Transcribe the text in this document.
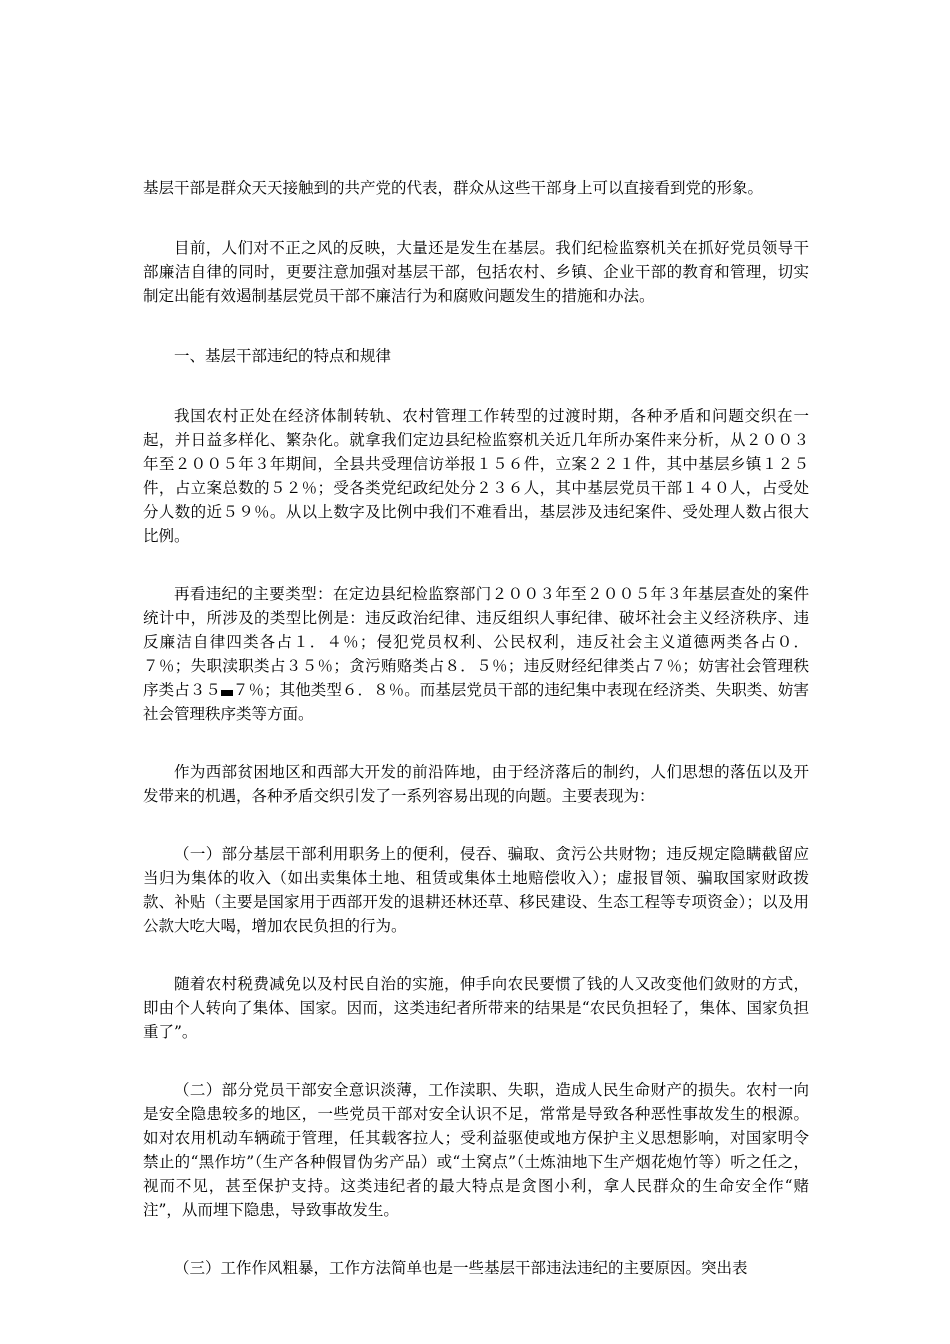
基层干部是群众天天接触到的共产党的代表，群众从这些干部身上可以直接看到党的形象。

目前，人们对不正之风的反映，大量还是发生在基层。我们纪检监察机关在抓好党员领导干部廉洁自律的同时，更要注意加强对基层干部，包括农村、乡镇、企业干部的教育和管理，切实制定出能有效遏制基层党员干部不廉洁行为和腐败问题发生的措施和办法。

一、基层干部违纪的特点和规律

我国农村正处在经济体制转轨、农村管理工作转型的过渡时期，各种矛盾和问题交织在一起，并日益多样化、繁杂化。就拿我们定边县纪检监察机关近几年所办案件来分析，从２００３年至２００５年３年期间，全县共受理信访举报１５６件，立案２２１件，其中基层乡镇１２５件，占立案总数的５２％；受各类党纪政纪处分２３６人，其中基层党员干部１４０人，占受处分人数的近５９％。从以上数字及比例中我们不难看出，基层涉及违纪案件、受处理人数占很大比例。

再看违纪的主要类型：在定边县纪检监察部门２００３年至２００５年３年基层查处的案件统计中，所涉及的类型比例是：违反政治纪律、违反组织人事纪律、破坏社会主义经济秩序、违反廉洁自律四类各占１．４％；侵犯党员权利、公民权利，违反社会主义道德两类各占０．７％；失职渎职类占３５％；贪污贿赂类占８．５％；违反财经纪律类占７％；妨害社会管理秩序类占３５ ７％；其他类型６．８％。而基层党员干部的违纪集中表现在经济类、失职类、妨害社会管理秩序类等方面。

作为西部贫困地区和西部大开发的前沿阵地，由于经济落后的制约，人们思想的落伍以及开发带来的机遇，各种矛盾交织引发了一系列容易出现的向题。主要表现为：

（一）部分基层干部利用职务上的便利，侵吞、骗取、贪污公共财物；违反规定隐瞒截留应当归为集体的收入（如出卖集体土地、租赁或集体土地赔偿收入）；虚报冒领、骗取国家财政拨款、补贴（主要是国家用于西部开发的退耕还林还草、移民建设、生态工程等专项资金）；以及用公款大吃大喝，增加农民负担的行为。

随着农村税费减免以及村民自治的实施，伸手向农民要惯了钱的人又改变他们敛财的方式，即由个人转向了集体、国家。因而，这类违纪者所带来的结果是“农民负担轻了，集体、国家负担重了”。

（二）部分党员干部安全意识淡薄，工作渎职、失职，造成人民生命财产的损失。农村一向是安全隐患较多的地区，一些党员干部对安全认识不足，常常是导致各种恶性事故发生的根源。如对农用机动车辆疏于管理，任其载客拉人；受利益驱使或地方保护主义思想影响，对国家明令禁止的“黑作坊”（生产各种假冒伪劣产品）或“土窝点”（土炼油地下生产烟花炮竹等）听之任之，视而不见，甚至保护支持。这类违纪者的最大特点是贪图小利，拿人民群众的生命安全作“赌注”，从而埋下隐患，导致事故发生。

（三）工作作风粗暴，工作方法简单也是一些基层干部违法违纪的主要原因。突出表
